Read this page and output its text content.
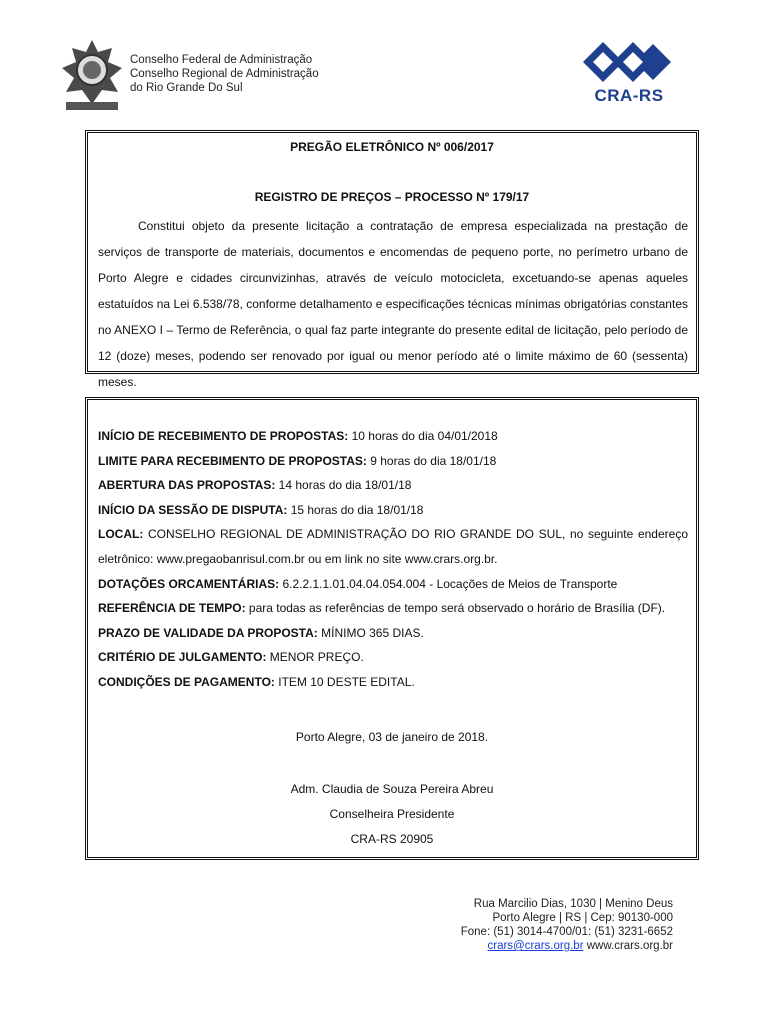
Conselho Federal de Administração
Conselho Regional de Administração
do Rio Grande Do Sul	CRA-RS
PREGÃO ELETRÔNICO Nº 006/2017
REGISTRO DE PREÇOS – PROCESSO Nº 179/17
Constitui objeto da presente licitação a contratação de empresa especializada na prestação de serviços de transporte de materiais, documentos e encomendas de pequeno porte, no perímetro urbano de Porto Alegre e cidades circunvizinhas, através de veículo motocicleta, excetuando-se apenas aqueles estatuídos na Lei 6.538/78, conforme detalhamento e especificações técnicas mínimas obrigatórias constantes no ANEXO I – Termo de Referência, o qual faz parte integrante do presente edital de licitação, pelo período de 12 (doze) meses, podendo ser renovado por igual ou menor período até o limite máximo de 60 (sessenta) meses.
INÍCIO DE RECEBIMENTO DE PROPOSTAS: 10 horas do dia 04/01/2018
LIMITE PARA RECEBIMENTO DE PROPOSTAS: 9 horas do dia 18/01/18
ABERTURA DAS PROPOSTAS: 14 horas do dia 18/01/18
INÍCIO DA SESSÃO DE DISPUTA: 15 horas do dia 18/01/18
LOCAL: CONSELHO REGIONAL DE ADMINISTRAÇÃO DO RIO GRANDE DO SUL, no seguinte endereço eletrônico: www.pregaobanrisul.com.br ou em link no site www.crars.org.br.
DOTAÇÕES ORCAMENTÁRIAS: 6.2.2.1.1.01.04.04.054.004 - Locações de Meios de Transporte
REFERÊNCIA DE TEMPO: para todas as referências de tempo será observado o horário de Brasília (DF).
PRAZO DE VALIDADE DA PROPOSTA: MÍNIMO 365 DIAS.
CRITÉRIO DE JULGAMENTO: MENOR PREÇO.
CONDIÇÕES DE PAGAMENTO: ITEM 10 DESTE EDITAL.
Porto Alegre, 03 de janeiro de 2018.
Adm. Claudia de Souza Pereira Abreu
Conselheira Presidente
CRA-RS 20905
Rua Marcilio Dias, 1030 | Menino Deus
Porto Alegre | RS | Cep: 90130-000
Fone: (51) 3014-4700/01: (51) 3231-6652
crars@crars.org.br www.crars.org.br
